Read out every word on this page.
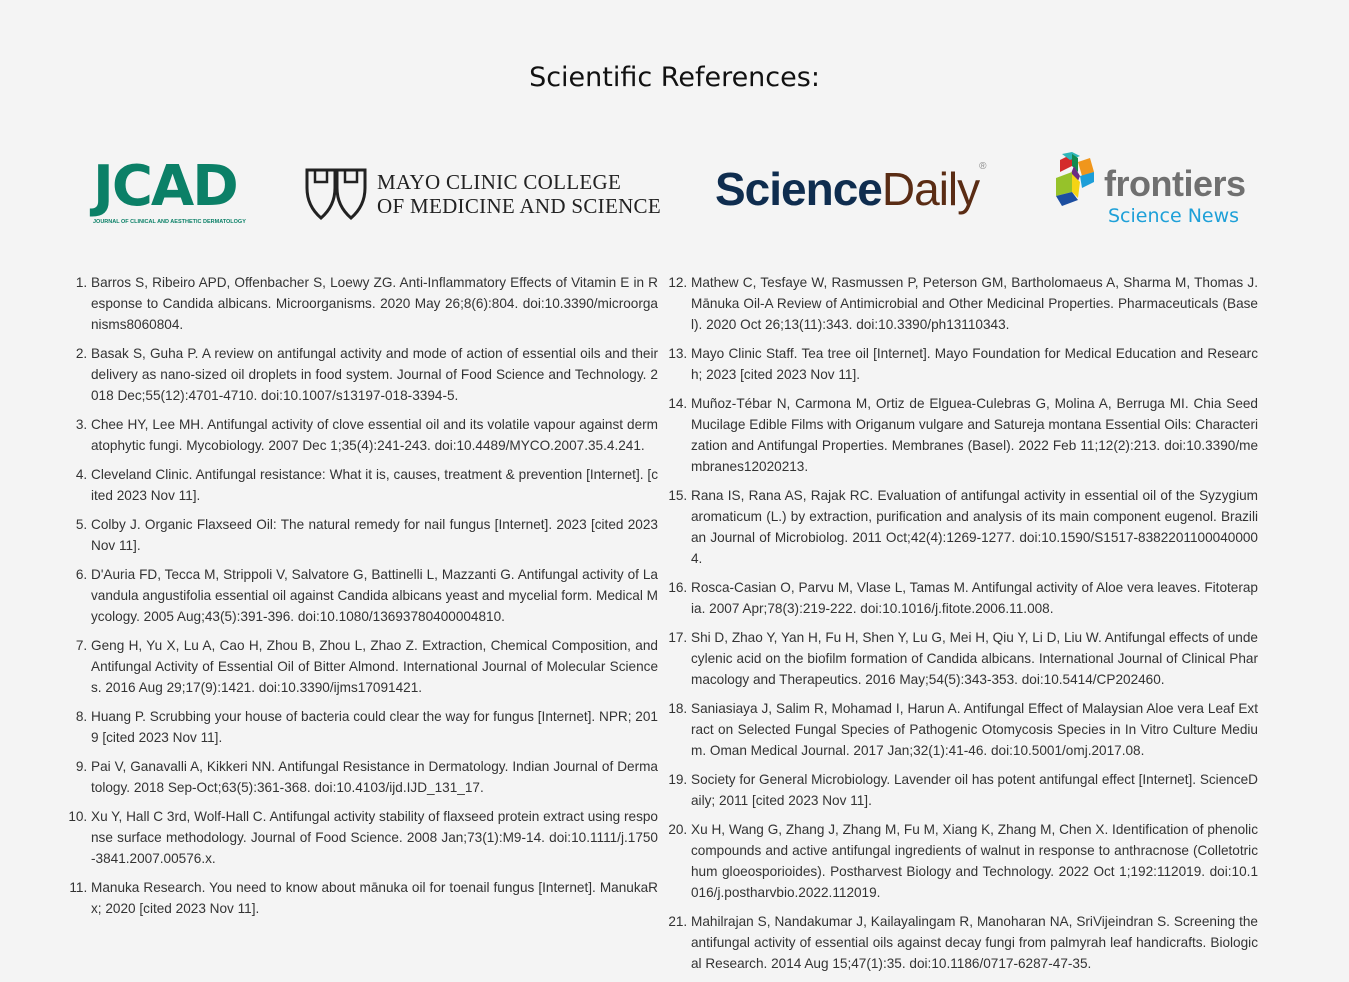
Scientific References:
JCAD
JOURNAL OF CLINICAL AND AESTHETIC DERMATOLOGY
MAYO CLINIC COLLEGE
OF MEDICINE AND SCIENCE ScienceDaily®	frontiers
Science News
1. Barros S, Ribeiro APD, Offenbacher S, Loewy ZG. Anti-Inflammatory Effects of Vitamin E in Response to Candida albicans. Microorganisms. 2020 May 26;8(6):804. doi:10.3390/microorganisms8060804.
2. Basak S, Guha P. A review on antifungal activity and mode of action of essential oils and their delivery as nano-sized oil droplets in food system. Journal of Food Science and Technology. 2018 Dec;55(12):4701-4710. doi:10.1007/s13197-018-3394-5.
3. Chee HY, Lee MH. Antifungal activity of clove essential oil and its volatile vapour against dermatophytic fungi. Mycobiology. 2007 Dec 1;35(4):241-243. doi:10.4489/MYCO.2007.35.4.241.
4. Cleveland Clinic. Antifungal resistance: What it is, causes, treatment & prevention [Internet]. [cited 2023 Nov 11].
5. Colby J. Organic Flaxseed Oil: The natural remedy for nail fungus [Internet]. 2023 [cited 2023 Nov 11].
6. D'Auria FD, Tecca M, Strippoli V, Salvatore G, Battinelli L, Mazzanti G. Antifungal activity of Lavandula angustifolia essential oil against Candida albicans yeast and mycelial form. Medical Mycology. 2005 Aug;43(5):391-396. doi:10.1080/13693780400004810.
7. Geng H, Yu X, Lu A, Cao H, Zhou B, Zhou L, Zhao Z. Extraction, Chemical Composition, and Antifungal Activity of Essential Oil of Bitter Almond. International Journal of Molecular Sciences. 2016 Aug 29;17(9):1421. doi:10.3390/ijms17091421.
8. Huang P. Scrubbing your house of bacteria could clear the way for fungus [Internet]. NPR; 2019 [cited 2023 Nov 11].
9. Pai V, Ganavalli A, Kikkeri NN. Antifungal Resistance in Dermatology. Indian Journal of Dermatology. 2018 Sep-Oct;63(5):361-368. doi:10.4103/ijd.IJD_131_17.
10. Xu Y, Hall C 3rd, Wolf-Hall C. Antifungal activity stability of flaxseed protein extract using response surface methodology. Journal of Food Science. 2008 Jan;73(1):M9-14. doi:10.1111/j.1750-3841.2007.00576.x.
11. Manuka Research. You need to know about mānuka oil for toenail fungus [Internet]. ManukaRx; 2020 [cited 2023 Nov 11].
12. Mathew C, Tesfaye W, Rasmussen P, Peterson GM, Bartholomaeus A, Sharma M, Thomas J. Mānuka Oil-A Review of Antimicrobial and Other Medicinal Properties. Pharmaceuticals (Basel). 2020 Oct 26;13(11):343. doi:10.3390/ph13110343.
13. Mayo Clinic Staff. Tea tree oil [Internet]. Mayo Foundation for Medical Education and Research; 2023 [cited 2023 Nov 11].
14. Muñoz-Tébar N, Carmona M, Ortiz de Elguea-Culebras G, Molina A, Berruga MI. Chia Seed Mucilage Edible Films with Origanum vulgare and Satureja montana Essential Oils: Characterization and Antifungal Properties. Membranes (Basel). 2022 Feb 11;12(2):213. doi:10.3390/membranes12020213.
15. Rana IS, Rana AS, Rajak RC. Evaluation of antifungal activity in essential oil of the Syzygium aromaticum (L.) by extraction, purification and analysis of its main component eugenol. Brazilian Journal of Microbiolog. 2011 Oct;42(4):1269-1277. doi:10.1590/S1517-83822011000400004.
16. Rosca-Casian O, Parvu M, Vlase L, Tamas M. Antifungal activity of Aloe vera leaves. Fitoterapia. 2007 Apr;78(3):219-222. doi:10.1016/j.fitote.2006.11.008.
17. Shi D, Zhao Y, Yan H, Fu H, Shen Y, Lu G, Mei H, Qiu Y, Li D, Liu W. Antifungal effects of undecylenic acid on the biofilm formation of Candida albicans. International Journal of Clinical Pharmacology and Therapeutics. 2016 May;54(5):343-353. doi:10.5414/CP202460.
18. Saniasiaya J, Salim R, Mohamad I, Harun A. Antifungal Effect of Malaysian Aloe vera Leaf Extract on Selected Fungal Species of Pathogenic Otomycosis Species in In Vitro Culture Medium. Oman Medical Journal. 2017 Jan;32(1):41-46. doi:10.5001/omj.2017.08.
19. Society for General Microbiology. Lavender oil has potent antifungal effect [Internet]. ScienceDaily; 2011 [cited 2023 Nov 11].
20. Xu H, Wang G, Zhang J, Zhang M, Fu M, Xiang K, Zhang M, Chen X. Identification of phenolic compounds and active antifungal ingredients of walnut in response to anthracnose (Colletotrichum gloeosporioides). Postharvest Biology and Technology. 2022 Oct 1;192:112019. doi:10.1016/j.postharvbio.2022.112019.
21. Mahilrajan S, Nandakumar J, Kailayalingam R, Manoharan NA, SriVijeindran S. Screening the antifungal activity of essential oils against decay fungi from palmyrah leaf handicrafts. Biological Research. 2014 Aug 15;47(1):35. doi:10.1186/0717-6287-47-35.
